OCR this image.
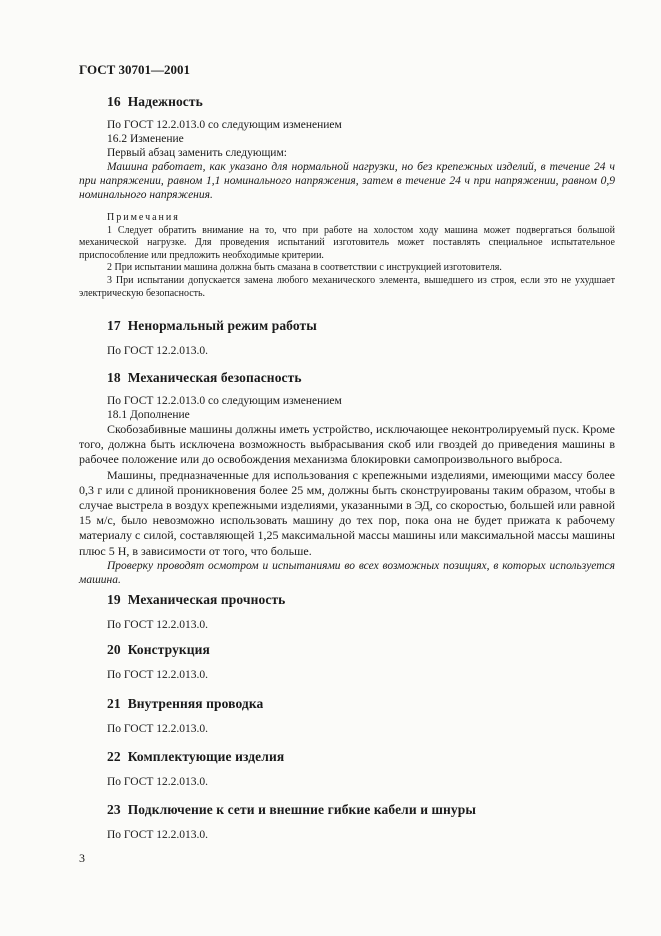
ГОСТ 30701—2001
16 Надежность

По ГОСТ 12.2.013.0 со следующим изменением

16.2 Изменение

Первый абзац заменить следующим:

Машина работает, как указано для нормальной нагрузки, но без крепежных изделий, в течение 24 ч при напряжении, равном 1,1 номинального напряжения, затем в течение 24 ч при напряжении, равном 0,9 номинального напряжения.

Примечания

1 Следует обратить внимание на то, что при работе на холостом ходу машина может подвергаться большой механической нагрузке. Для проведения испытаний изготовитель может поставлять специальное испытательное приспособление или предложить необходимые критерии.

2 При испытании машина должна быть смазана в соответствии с инструкцией изготовителя.

3 При испытании допускается замена любого механического элемента, вышедшего из строя, если это не ухудшает электрическую безопасность.

17 Ненормальный режим работы

По ГОСТ 12.2.013.0.

18 Механическая безопасность

По ГОСТ 12.2.013.0 со следующим изменением

18.1 Дополнение

Скобозабивные машины должны иметь устройство, исключающее неконтролируемый пуск. Кроме того, должна быть исключена возможность выбрасывания скоб или гвоздей до приведения машины в рабочее положение или до освобождения механизма блокировки самопроизвольного выброса.

Машины, предназначенные для использования с крепежными изделиями, имеющими массу более 0,3 г или с длиной проникновения более 25 мм, должны быть сконструированы таким образом, чтобы в случае выстрела в воздух крепежными изделиями, указанными в ЭД, со скоростью, большей или равной 15 м/с, было невозможно использовать машину до тех пор, пока она не будет прижата к рабочему материалу с силой, составляющей 1,25 максимальной массы машины или максимальной массы машины плюс 5 Н, в зависимости от того, что больше.

Проверку проводят осмотром и испытаниями во всех возможных позициях, в которых используется машина.

19 Механическая прочность

По ГОСТ 12.2.013.0.

20 Конструкция

По ГОСТ 12.2.013.0.

21 Внутренняя проводка

По ГОСТ 12.2.013.0.

22 Комплектующие изделия

По ГОСТ 12.2.013.0.

23 Подключение к сети и внешние гибкие кабели и шнуры

По ГОСТ 12.2.013.0.

3
